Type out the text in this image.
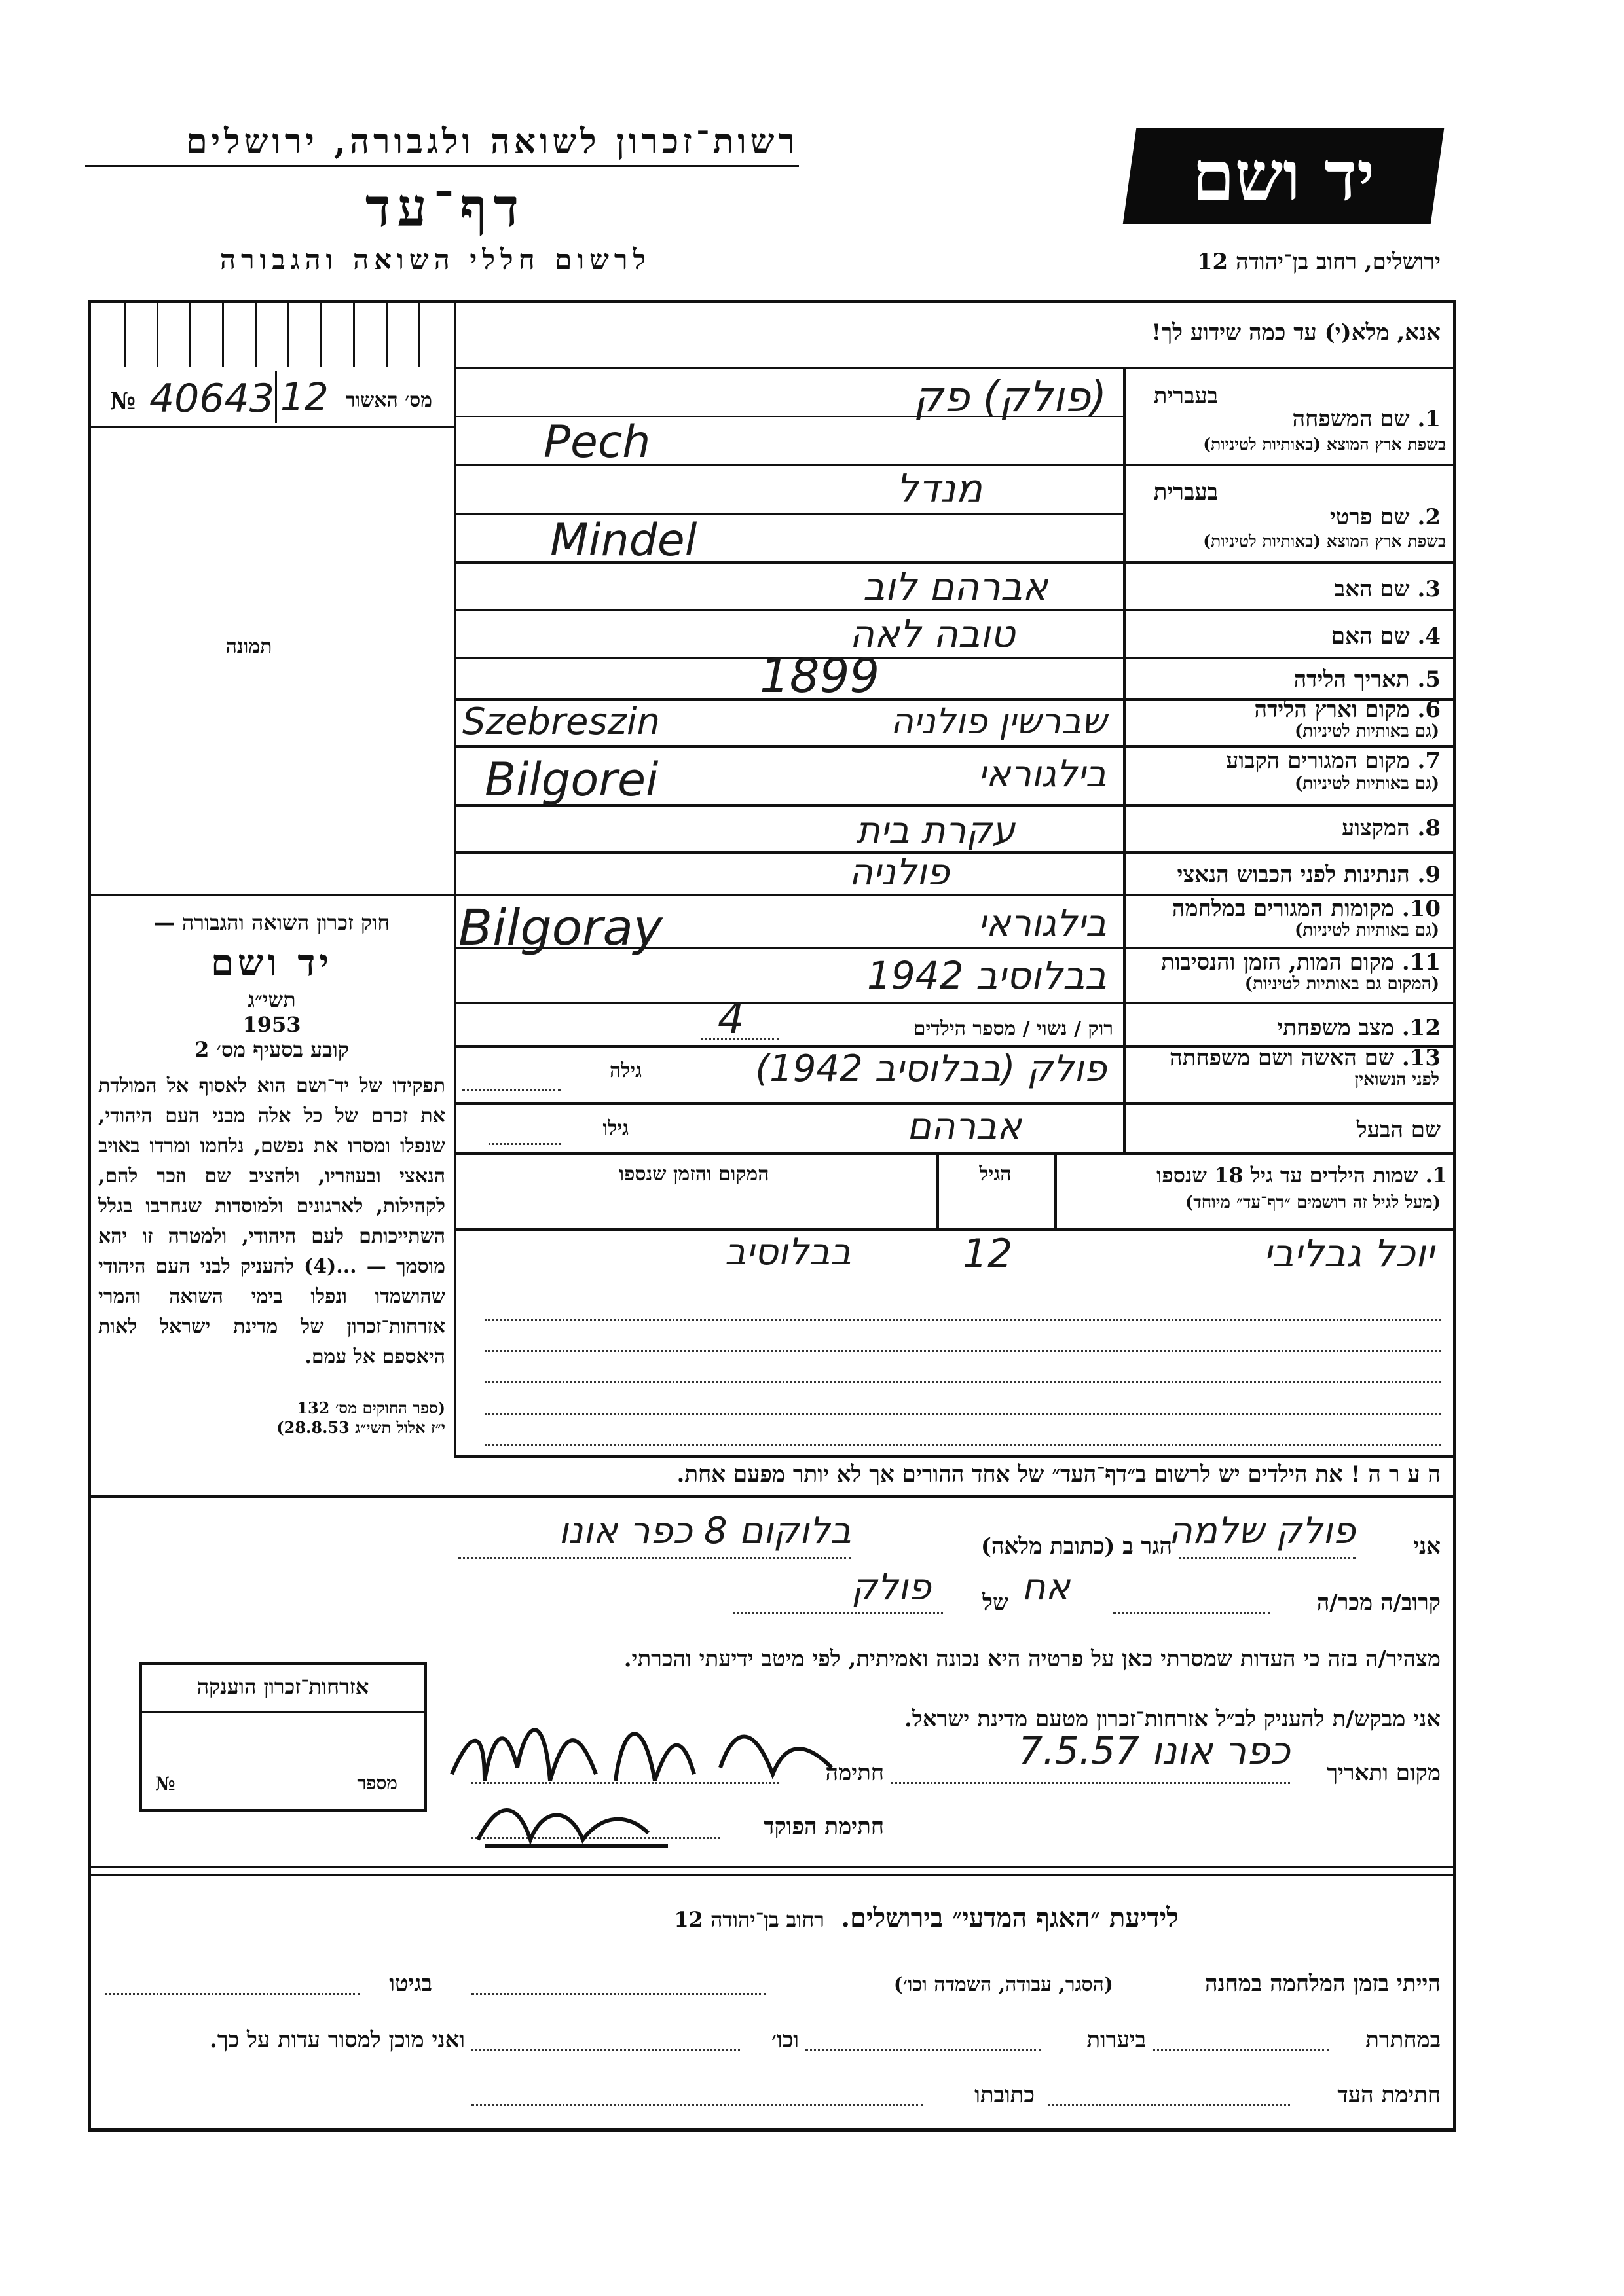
רשות־זכרון לשואה ולגבורה, ירושלים
דף־עד
לרשום חללי השואה והגבורה
יד ושם
ירושלים, רחוב בן־יהודה 12
אנא, מלא(י) עד כמה שידוע לך!
מס׳ האשור
40643
№	12
תמונה
חוק זכרון השואה והגבורה —
יד ושם
תשי״ג
1953
קובע בסעיף מס׳ 2
תפקידו של יד־ושם הוא לאסוף אל המולדת את זכרם של כל אלה מבני העם היהודי, שנפלו ומסרו את נפשם, נלחמו ומרדו באויב הנאצי ובעוזריו, ולהציב שם וזכר להם, לקהילות, לארגונים ולמוסדות שנחרבו בגלל השתייכותם לעם היהודי, ולמטרה זו יהא מוסמך — ...(4) להעניק לבני העם היהודי שהושמדו ונפלו בימי השואה והמרי אזרחות־זכרון של מדינת ישראל לאות היאספם אל עמם.
(ספר החוקים מס׳ 132
י״ז אלול תשי״ג 28.8.53)
בעברית
1. שם המשפחה
בשפת ארץ המוצא (באותיות לטיניות)
(פולק) פק
Pech
בעברית
2. שם פרטי
בשפת ארץ המוצא (באותיות לטיניות)
מנדל
Mindel
3. שם האב
אברהם לוב
4. שם האם
טובה לאה
5. תאריך הלידה
1899
6. מקום וארץ הלידה
(גם באותיות לטיניות)
שברשין פולניה
Szebreszin
7. מקום המגורים הקבוע
(גם באותיות לטיניות)
בילגוראי
Bilgorei
8. המקצוע
עקרת בית
9. הנתינות לפני הכבוש הנאצי
פולניה
10. מקומות המגורים במלחמה
(גם באותיות לטיניות)
בילגוראי
Bilgoray
11. מקום המות, הזמן והנסיבות
(המקום גם באותיות לטיניות)
בבלוסיב 1942
12. מצב משפחתי
רוק / נשוי / מספר הילדים
4
13. שם האשה ושם משפחתה
לפני הנשואין
גילה	פולק (בבלוסיב 1942)
שם הבעל
גילו	אברהם
1. שמות הילדים עד גיל 18 שנספו
(מעל לגיל זה רושמים ״דף־עד״ מיוחד)
הגיל
המקום והזמן שנספו
יוכל גבליבי
12
בבלוסיב
ה ע ר ה ! את הילדים יש לרשום ב״דף־העד״ של אחד ההורים אך לא יותר מפעם אחת.
אני
פולק שלמה
הגר ב (כתובת מלאה)
בלוקום 8 כפר אונו
קרוב/ה מכר/ה
אח
של
פולק
מצהיר/ה בזה כי העדות שמסרתי כאן על פרטיה היא נכונה ואמיתית, לפי מיטב ידיעתי והכרתי.
אזרחות־זכרון הוענקה
מספר
№
אני מבקש/ת להעניק לב״ל אזרחות־זכרון מטעם מדינת ישראל.
מקום ותאריך
כפר אונו 7.5.57
חתימה
חתימת הפוקד
לידיעת ״האגף המדעי״ בירושלים. רחוב בן־יהודה 12
הייתי בזמן המלחמה במחנה
(הסגר, עבודה, השמדה וכו׳)
בגיטו
במחתרת
ביערות
וכו׳
ואני מוכן למסור עדות על כך.
חתימת העד
כתובתו
